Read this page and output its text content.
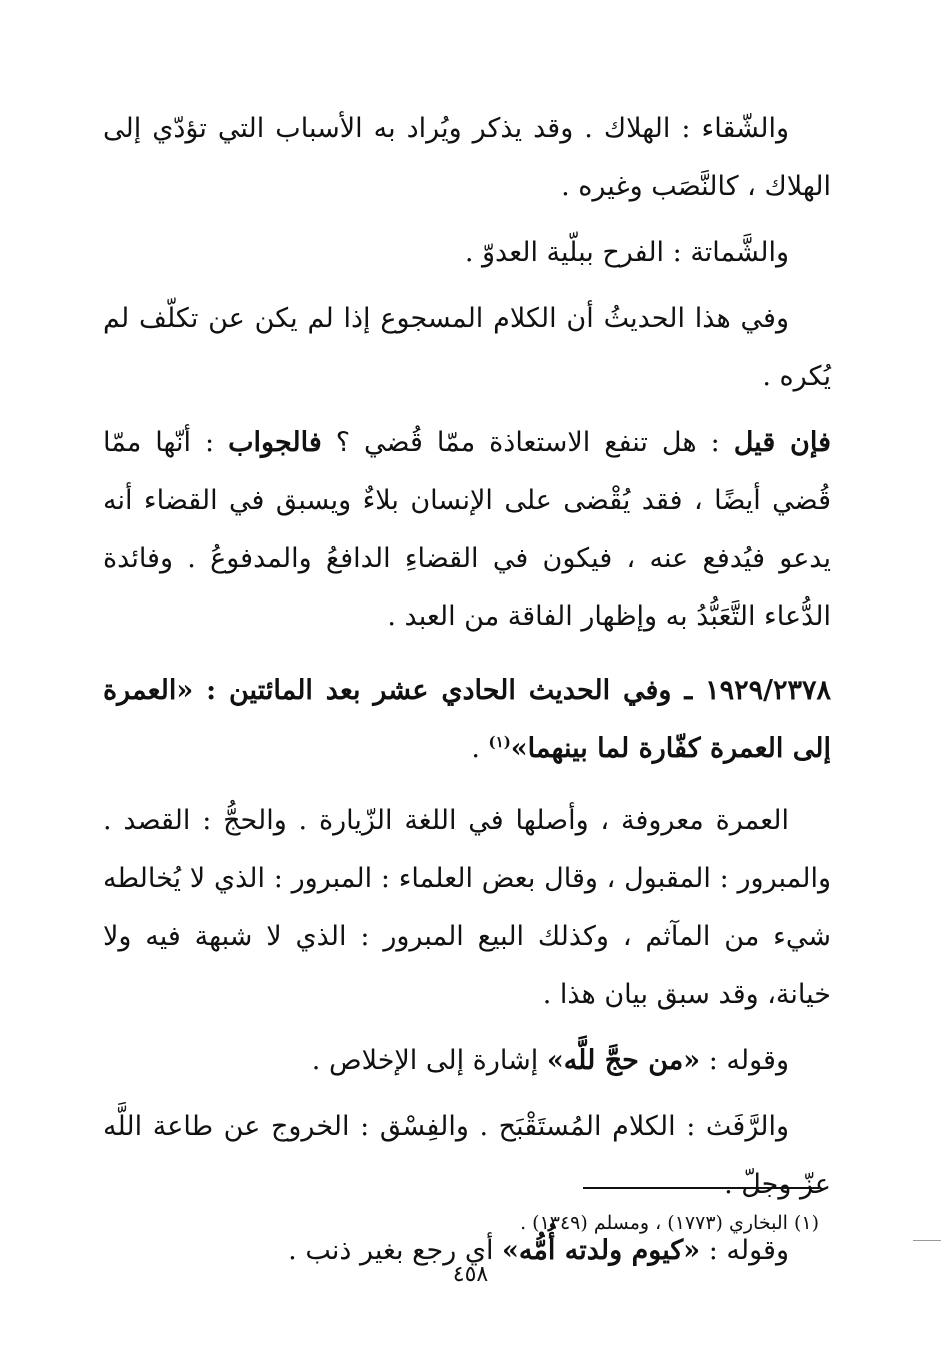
والشّقاء : الهلاك . وقد يذكر ويُراد به الأسباب التي تؤدّي إلى الهلاك ، كالنَّصَب وغيره .

والشَّماتة : الفرح ببلّية العدوّ .

وفي هذا الحديثُ أن الكلام المسجوع إذا لم يكن عن تكلّف لم يُكره .

فإن قيل : هل تنفع الاستعاذة ممّا قُضي ؟ فالجواب : أنّها ممّا قُضي أيضًا ، فقد يُقْضى على الإنسان بلاءٌ ويسبق في القضاء أنه يدعو فيُدفع عنه ، فيكون في القضاءِ الدافعُ والمدفوعُ . وفائدة الدُّعاء التَّعَبُّدُ به وإظهار الفاقة من العبد .

١٩٢٩/٢٣٧٨ ـ وفي الحديث الحادي عشر بعد المائتين : «العمرة إلى العمرة كفّارة لما بينهما»$^{(١)}$ .

العمرة معروفة ، وأصلها في اللغة الزّيارة . والحجُّ : القصد . والمبرور : المقبول ، وقال بعض العلماء : المبرور : الذي لا يُخالطه شيء من المآثم ، وكذلك البيع المبرور : الذي لا شبهة فيه ولا خيانة، وقد سبق بيان هذا .

وقوله : «من حجَّ للَّه» إشارة إلى الإخلاص .

والرَّفَث : الكلام المُستَقْبَح . والفِسْق : الخروج عن طاعة اللَّه عزّ وجلّ .

وقوله : «كيوم ولدته أُمُّه» أي رجع بغير ذنب .

(١) البخاري (١٧٧٣) ، ومسلم (١٣٤٩) .
٤٥٨
